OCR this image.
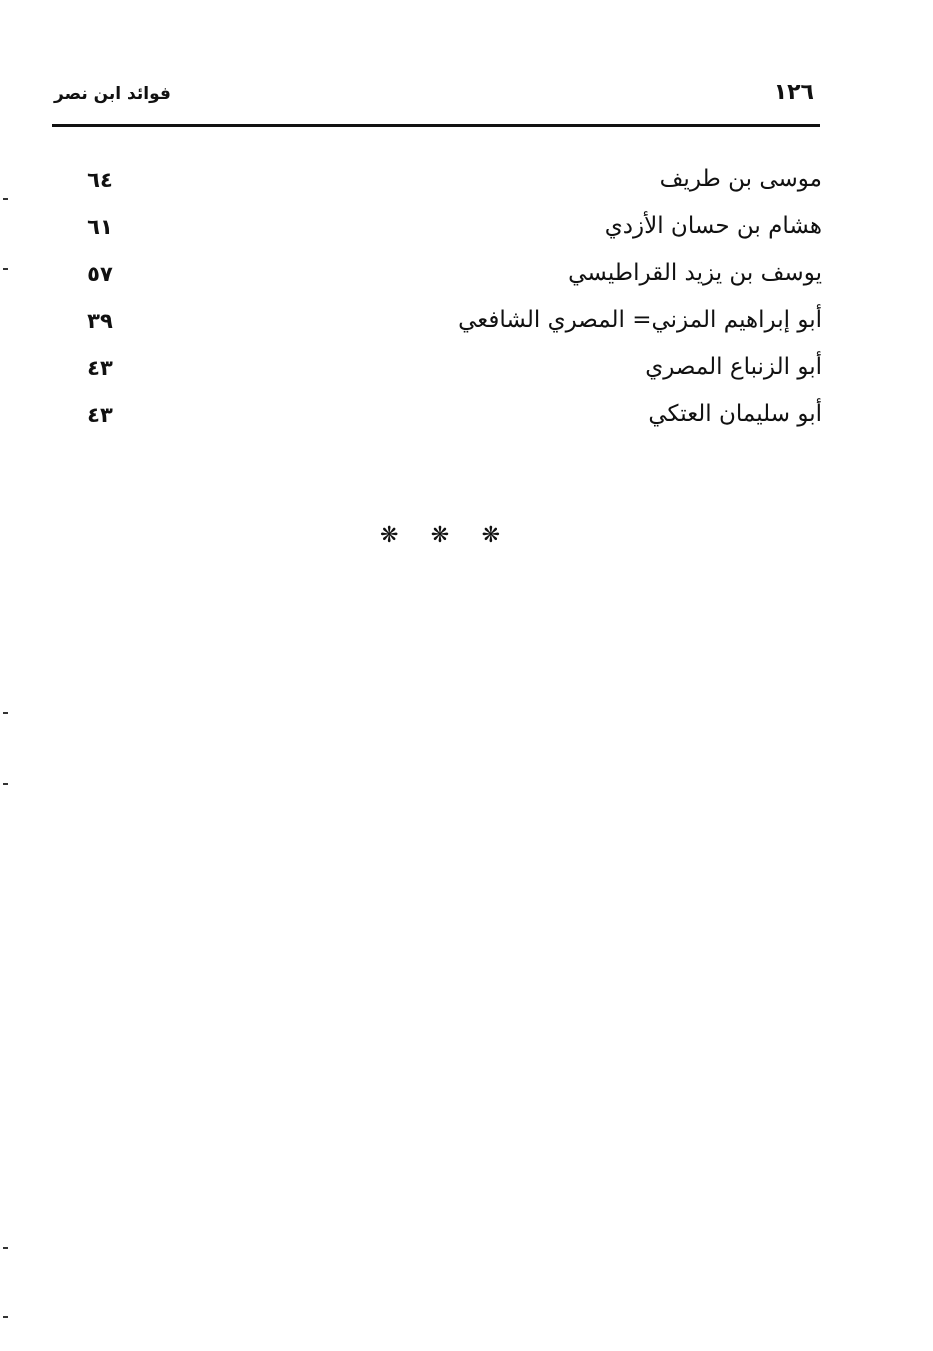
١٢٦
فوائد ابن نصر
موسى بن طريف
٦٤
هشام بن حسان الأزدي
٦١
يوسف بن يزيد القراطيسي
٥٧
أبو إبراهيم المزني= المصري الشافعي
٣٩
أبو الزنباع المصري
٤٣
أبو سليمان العتكي
٤٣
❋ ❋ ❋
